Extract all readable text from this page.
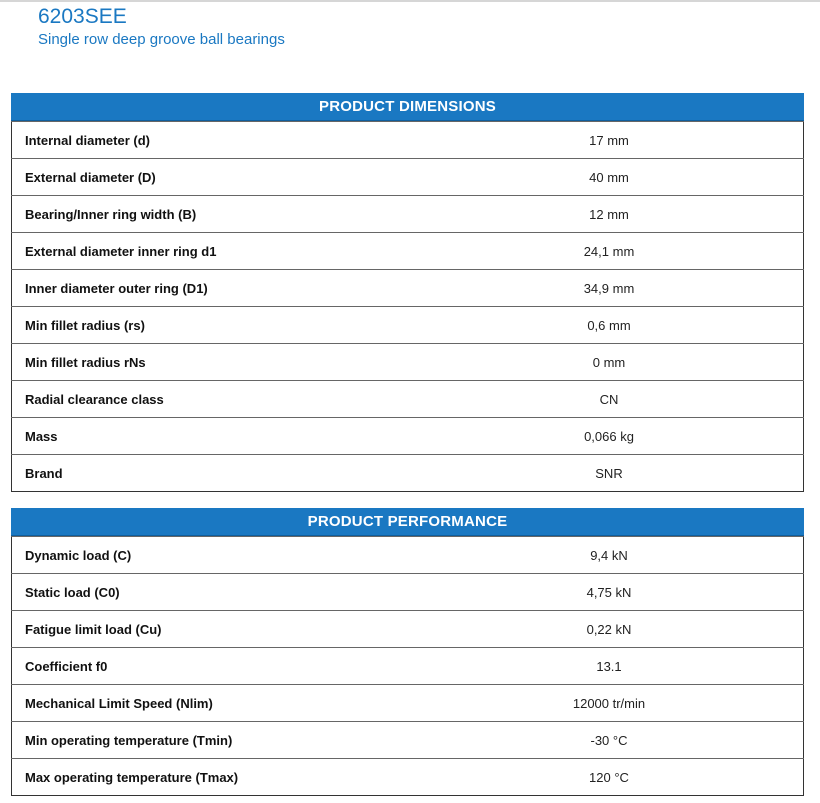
6203SEE
Single row deep groove ball bearings
PRODUCT DIMENSIONS
Internal diameter (d)	17 mm
External diameter (D)	40 mm
Bearing/Inner ring width (B)	12 mm
External diameter inner ring d1	24,1 mm
Inner diameter outer ring (D1)	34,9 mm
Min fillet radius (rs)	0,6 mm
Min fillet radius rNs	0 mm
Radial clearance class	CN
Mass	0,066 kg
Brand	SNR
PRODUCT PERFORMANCE
Dynamic load (C)	9,4 kN
Static load (C0)	4,75 kN
Fatigue limit load (Cu)	0,22 kN
Coefficient f0	13.1
Mechanical Limit Speed (Nlim)	12000 tr/min
Min operating temperature (Tmin)	-30 °C
Max operating temperature (Tmax)	120 °C
